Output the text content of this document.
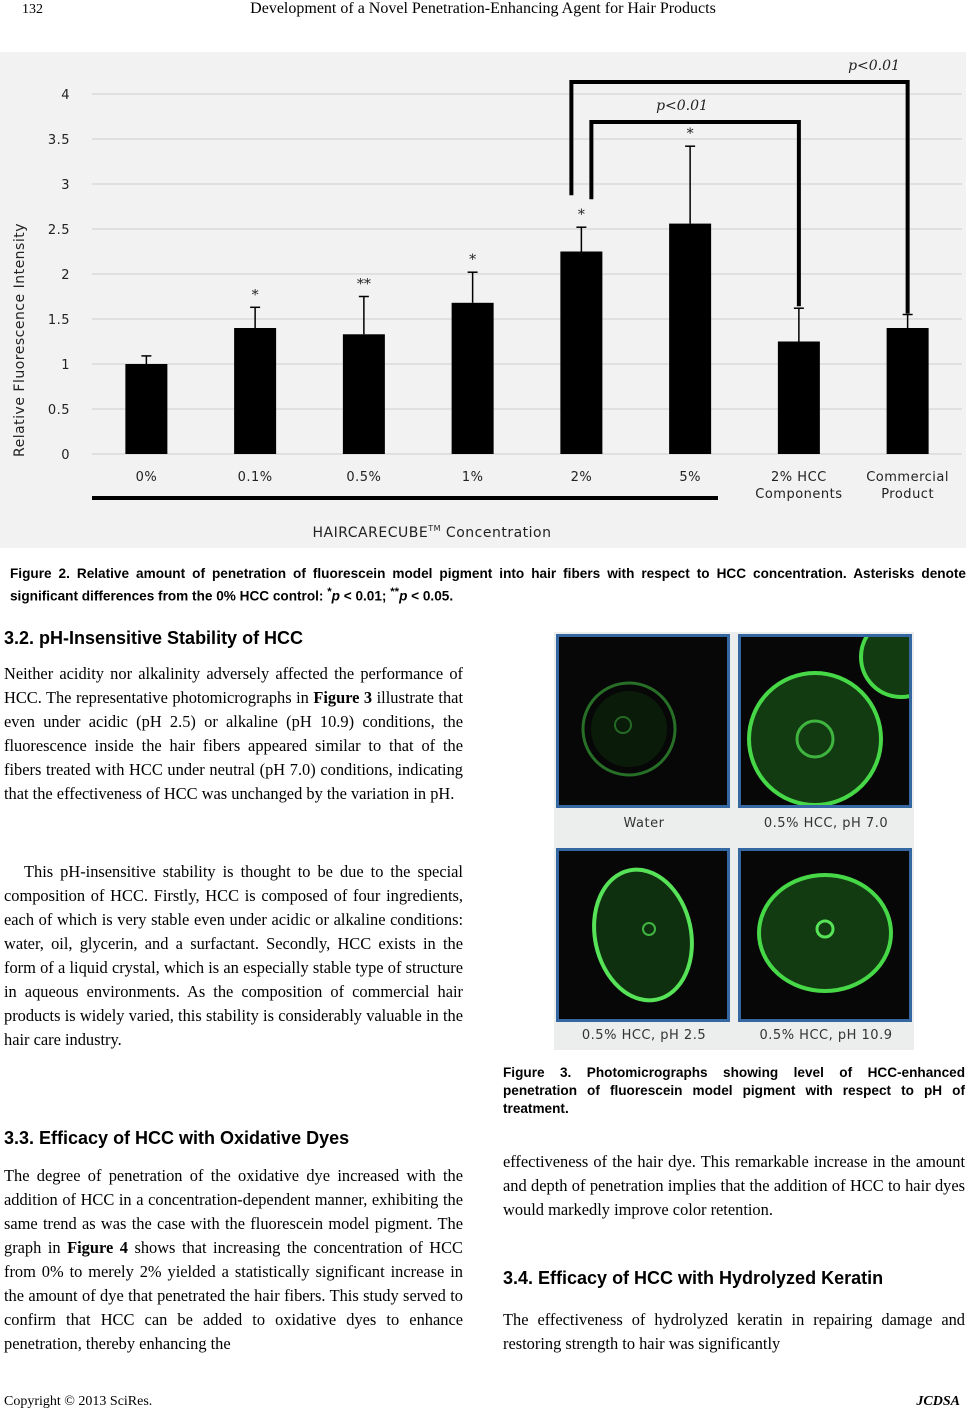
132	Development of a Novel Penetration-Enhancing Agent for Hair Products
0
0.5
1
1.5
2
2.5
3
3.5
4
0%	0.1%	0.5%	1%	2%	5%	2% HCC
Components
Commercial
Product
*
**
*
*
*
p<0.01
p<0.01
Relative Fluorescence Intensity
HAIRCARECUBE™ Concentration
Figure 2. Relative amount of penetration of fluorescein model pigment into hair fibers with respect to HCC concentration. Asterisks denote significant differences from the 0% HCC control: *p < 0.01; **p < 0.05.
3.2. pH-Insensitive Stability of HCC

Neither acidity nor alkalinity adversely affected the performance of HCC. The representative photomicrographs in Figure 3 illustrate that even under acidic (pH 2.5) or alkaline (pH 10.9) conditions, the fluorescence inside the hair fibers appeared similar to that of the fibers treated with HCC under neutral (pH 7.0) conditions, indicating that the effectiveness of HCC was unchanged by the variation in pH.

This pH-insensitive stability is thought to be due to the special composition of HCC. Firstly, HCC is composed of four ingredients, each of which is very stable even under acidic or alkaline conditions: water, oil, glycerin, and a surfactant. Secondly, HCC exists in the form of a liquid crystal, which is an especially stable type of structure in aqueous environments. As the composition of commercial hair products is widely varied, this stability is considerably valuable in the hair care industry.

3.3. Efficacy of HCC with Oxidative Dyes

The degree of penetration of the oxidative dye increased with the addition of HCC in a concentration-dependent manner, exhibiting the same trend as was the case with the fluorescein model pigment. The graph in Figure 4 shows that increasing the concentration of HCC from 0% to merely 2% yielded a statistically significant increase in the amount of dye that penetrated the hair fibers. This study served to confirm that HCC can be added to oxidative dyes to enhance penetration, thereby enhancing the

Water	0.5% HCC, pH 7.0
0.5% HCC, pH 2.5	0.5% HCC, pH 10.9
Figure 3. Photomicrographs showing level of HCC-enhanced penetration of fluorescein model pigment with respect to pH of treatment.

effectiveness of the hair dye. This remarkable increase in the amount and depth of penetration implies that the addition of HCC to hair dyes would markedly improve color retention.

3.4. Efficacy of HCC with Hydrolyzed Keratin

The effectiveness of hydrolyzed keratin in repairing damage and restoring strength to hair was significantly

Copyright © 2013 SciRes.	JCDSA
